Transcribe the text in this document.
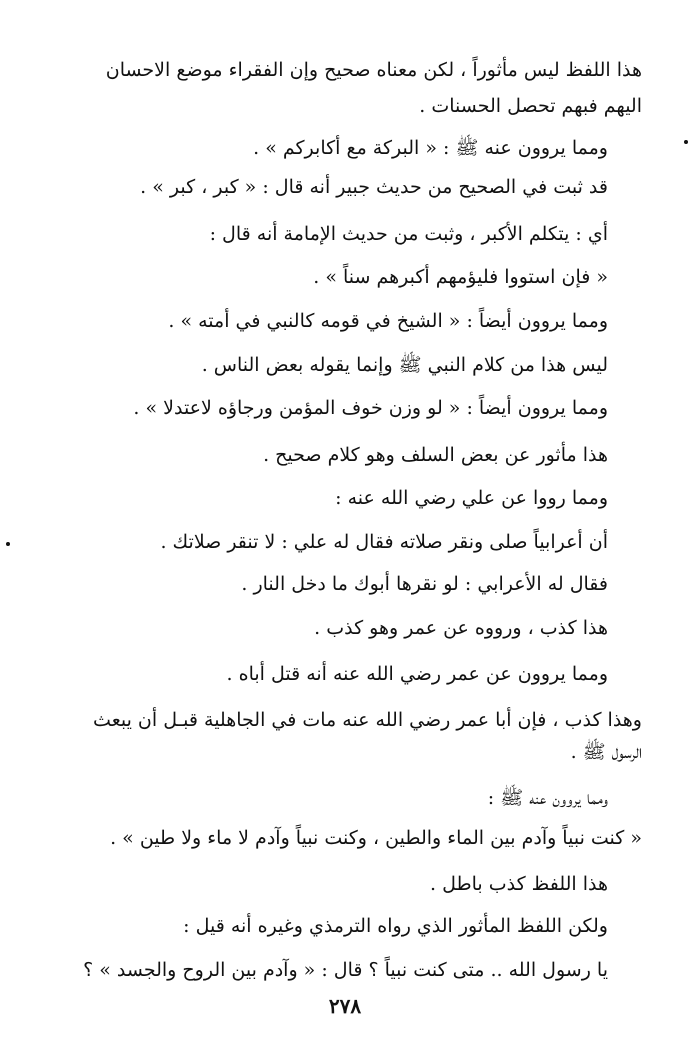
هذا اللفظ ليس مأثوراً ، لكن معناه صحيح وإن الفقراء موضع الاحسان
اليهم فبهم تحصل الحسنات .
ومما يروون عنه ﷺ : « البركة مع أكابركم » .
قد ثبت في الصحيح من حديث جبير أنه قال : « كبر ، كبر » .
أي : يتكلم الأكبر ، وثبت من حديث الإمامة أنه قال :
« فإن استووا فليؤمهم أكبرهم سناً » .
ومما يروون أيضاً : « الشيخ في قومه كالنبي في أمته » .
ليس هذا من كلام النبي ﷺ وإنما يقوله بعض الناس .
ومما يروون أيضاً : « لو وزن خوف المؤمن ورجاؤه لاعتدلا » .
هذا مأثور عن بعض السلف وهو كلام صحيح .
ومما رووا عن علي رضي الله عنه :
أن أعرابياً صلى ونقر صلاته فقال له علي : لا تنقر صلاتك .
فقال له الأعرابي : لو نقرها أبوك ما دخل النار .
هذا كذب ، ورووه عن عمر وهو كذب .
ومما يروون عن عمر رضي الله عنه أنه قتل أباه .
وهذا كذب ، فإن أبا عمر رضي الله عنه مات في الجاهلية قبـل أن يبعث
الرسول ﷺ .
ومما يروون عنه ﷺ :
« كنت نبياً وآدم بين الماء والطين ، وكنت نبياً وآدم لا ماء ولا طين » .
هذا اللفظ كذب باطل .
ولكن اللفظ المأثور الذي رواه الترمذي وغيره أنه قيل :
يا رسول الله .. متى كنت نبياً ؟ قال : « وآدم بين الروح والجسد » ؟
٢٧٨
